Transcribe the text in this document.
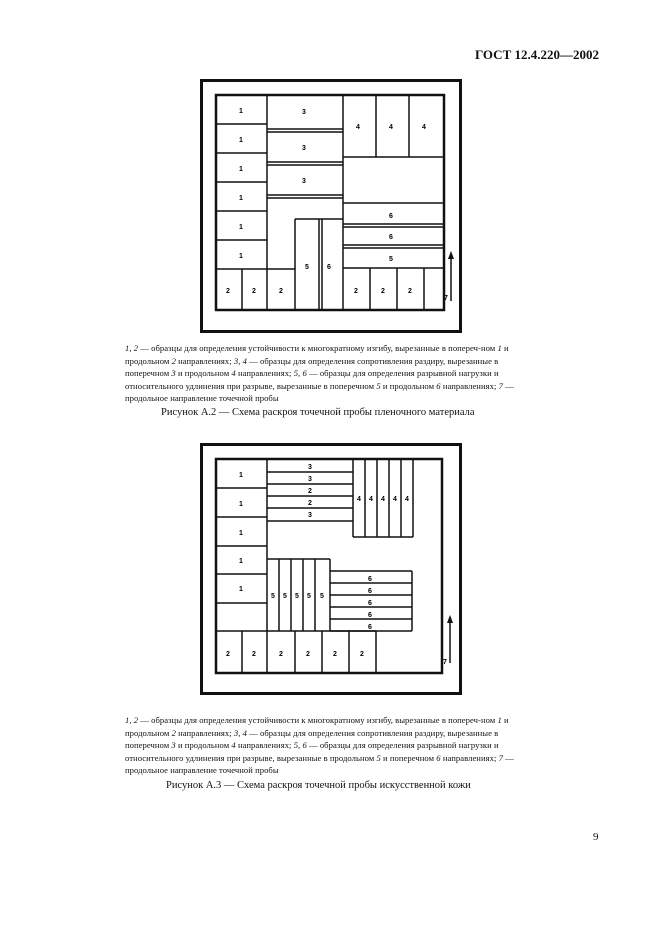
ГОСТ 12.4.220—2002
7
1
1
1
1
1
1
2	2	2
3
3
3
4	4	4
6
6
5
5	6
2	2	2
1, 2 — образцы для определения устойчивости к многократному изгибу, вырезанные в попереч-ном 1 и продольном 2 направлениях; 3, 4 — образцы для определения сопротивления раздиру, вырезанные в поперечном 3 и продольном 4 направлениях; 5, 6 — образцы для определения разрывной нагрузки и относительного удлинения при разрыве, вырезанные в поперечном 5 и продольном 6 направлениях; 7 — продольное направление точечной пробы
Рисунок А.2 — Схема раскроя точечной пробы пленочного материала
7
1
1
1
1
1
2	2	2	2	2	2
3
3
2
2
3
4 4 4 4 4
5 5 5 5 5
6
6
6
6
6
1, 2 — образцы для определения устойчивости к многократному изгибу, вырезанные в попереч-ном 1 и продольном 2 направлениях; 3, 4 — образцы для определения сопротивления раздиру, вырезанные в поперечном 3 и продольном 4 направлениях; 5, 6 — образцы для определения разрывной нагрузки и относительного удлинения при разрыве, вырезанные в продольном 5 и поперечном 6 направлениях; 7 — продольное направление точечной пробы
Рисунок А.3 — Схема раскроя точечной пробы искусственной кожи
9
